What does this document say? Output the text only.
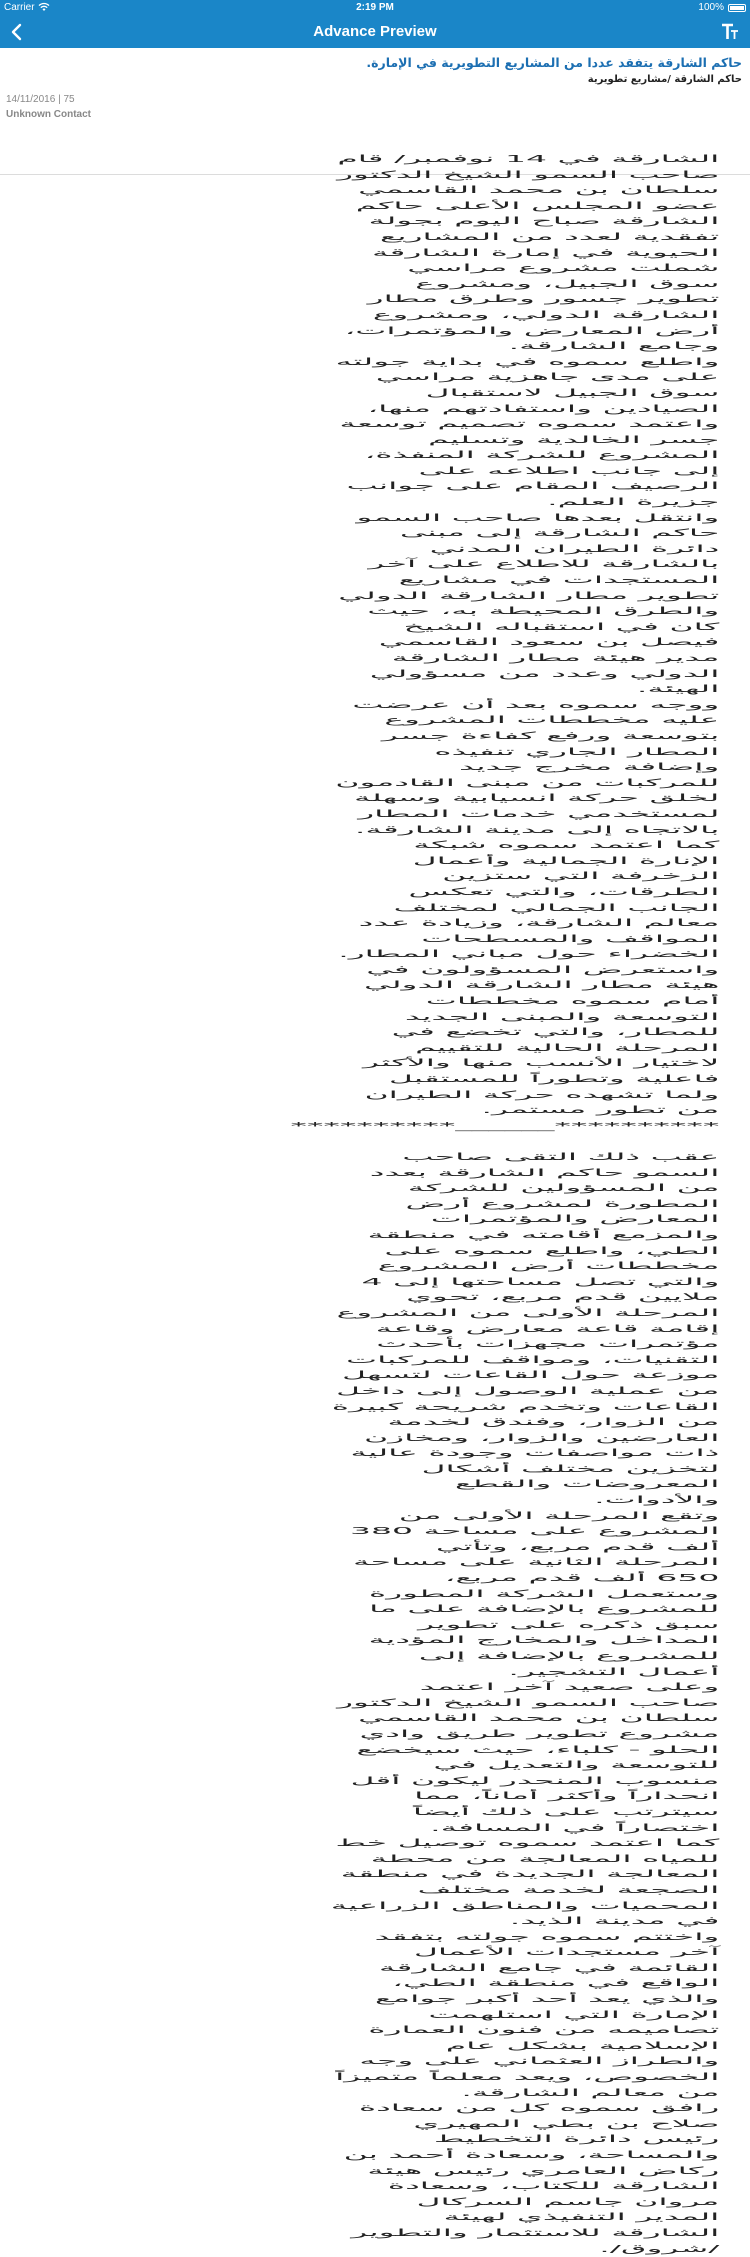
Carrier	2:19 PM	100%
Advance Preview
حاكم الشارقة يتفقد عددا من المشاريع التطويرية في الإمارة.
حاكم الشارقة /مشاريع تطويرية
14/11/2016 | 75
Unknown Contact
الشارقة في 14 نوفمبر/ قام صاحب السمو الشيخ الدكتور سلطان بن محمد القاسمي عضو المجلس الأعلى حاكم الشارقة صباح اليوم بجولة تفقدية لعدد من المشاريع الحيوية في إمارة الشارقة شملت مشروع مراسي سوق الجبيل، ومشروع تطوير جسور وطرق مطار الشارقة الدولي، ومشروع أرض المعارض والمؤتمرات، وجامع الشارقة.
واطلع سموه في بداية جولته على مدى جاهزية مراسي سوق الجبيل لاستقبال الصيادين واستفادتهم منها، واعتمد سموه تصميم توسعة جسر الخالدية وتسليم المشروع للشركة المنفذة، إلى جانب اطلاعه على الرصيف المقام على جوانب جزيرة العلم.
وانتقل بعدها صاحب السمو حاكم الشارقة إلى مبنى دائرة الطيران المدني بالشارقة للاطلاع على آخر المستجدات في مشاريع تطوير مطار الشارقة الدولي والطرق المحيطة به، حيث كان في استقباله الشيخ فيصل بن سعود القاسمي مدير هيئة مطار الشارقة الدولي وعدد من مسؤولي الهيئة.
ووجه سموه بعد أن عرضت عليه مخططات المشروع بتوسعة ورفع كفاءة جسر المطار الجاري تنفيذه وإضافة مخرج جديد للمركبات من مبنى القادمون لخلق حركة انسيابية وسهلة لمستخدمي خدمات المطار بالاتجاه إلى مدينة الشارقة.
كما اعتمد سموه شبكة الإنارة الجمالية وأعمال الزخرفة التي ستزين الطرقات، والتي تعكس الجانب الجمالي لمختلف معالم الشارقة، وزيادة عدد المواقف والمسطحات الخضراء حول مباني المطار.
واستعرض المسؤولون في هيئة مطار الشارقة الدولي أمام سموه مخططات التوسعة والمبنى الجديد للمطار، والتي تخضع في المرحلة الحالية للتقييم لاختيار الأنسب منها والأكثر فاعلية وتطوراً للمستقبل ولما تشهده حركة الطيران من تطور مستمر.
**********______**********

عقب ذلك التقى صاحب السمو حاكم الشارقة بعدد من المسؤولين للشركة المطورة لمشروع أرض المعارض والمؤتمرات والمزمع أقامته في منطقة الطي، واطلع سموه على مخططات أرض المشروع والتي تصل مساحتها إلى 4 ملايين قدم مربع، تحوي المرحلة الأولى من المشروع إقامة قاعة معارض وقاعة مؤتمرات مجهزات بأحدث التقنيات، ومواقف للمركبات موزعة حول القاعات لتسهل من عملية الوصول إلى داخل القاعات وتخدم شريحة كبيرة من الزوار، وفندق لخدمة العارضين والزوار، ومخازن ذات مواصفات وجودة عالية لتخزين مختلف أشكال المعروضات والقطع والأدوات.
وتقع المرحلة الأولى من المشروع على مساحة 380 ألف قدم مربع، وتأتي المرحلة الثانية على مساحة 650 ألف قدم مربع، وستعمل الشركة المطورة للمشروع بالإضافة على ما سبق ذكره على تطوير المداخل والمخارج المؤدية للمشروع بالإضافة إلى أعمال التشجير.
وعلى صعيد آخر اعتمد صاحب السمو الشيخ الدكتور سلطان بن محمد القاسمي مشروع تطوير طريق وادي الحلو - كلباء، حيث سيخضع للتوسعة والتعديل في منسوب المنحدر ليكون أقل انحداراً وأكثر أماناً، مما سيترتب على ذلك أيضاً اختصاراً في المسافة.
كما اعتمد سموه توصيل خط للمياه المعالجة من محطة المعالجة الجديدة في منطقة الصجعة لخدمة مختلف المحميات والمناطق الزراعية في مدينة الذيد.
واختتم سموه جولته بتفقد آخر مستجدات الأعمال القائمة في جامع الشارقة الواقع في منطقة الطي، والذي يعد أحد أكبر جوامع الإمارة التي استلهمت تصاميمه من فنون العمارة الإسلامية بشكل عام والطراز العثماني على وجه الخصوص، ويعد معلماً متميزاً من معالم الشارقة.
رافق سموه كل من سعادة صلاح بن بطي المهيري رئيس دائرة التخطيط والمساحة، وسعادة أحمد بن ركاض العامري رئيس هيئة الشارقة للكتاب، وسعادة مروان جاسم السركال المدير التنفيذي لهيئة الشارقة للاستثمار والتطوير /شروق/.
